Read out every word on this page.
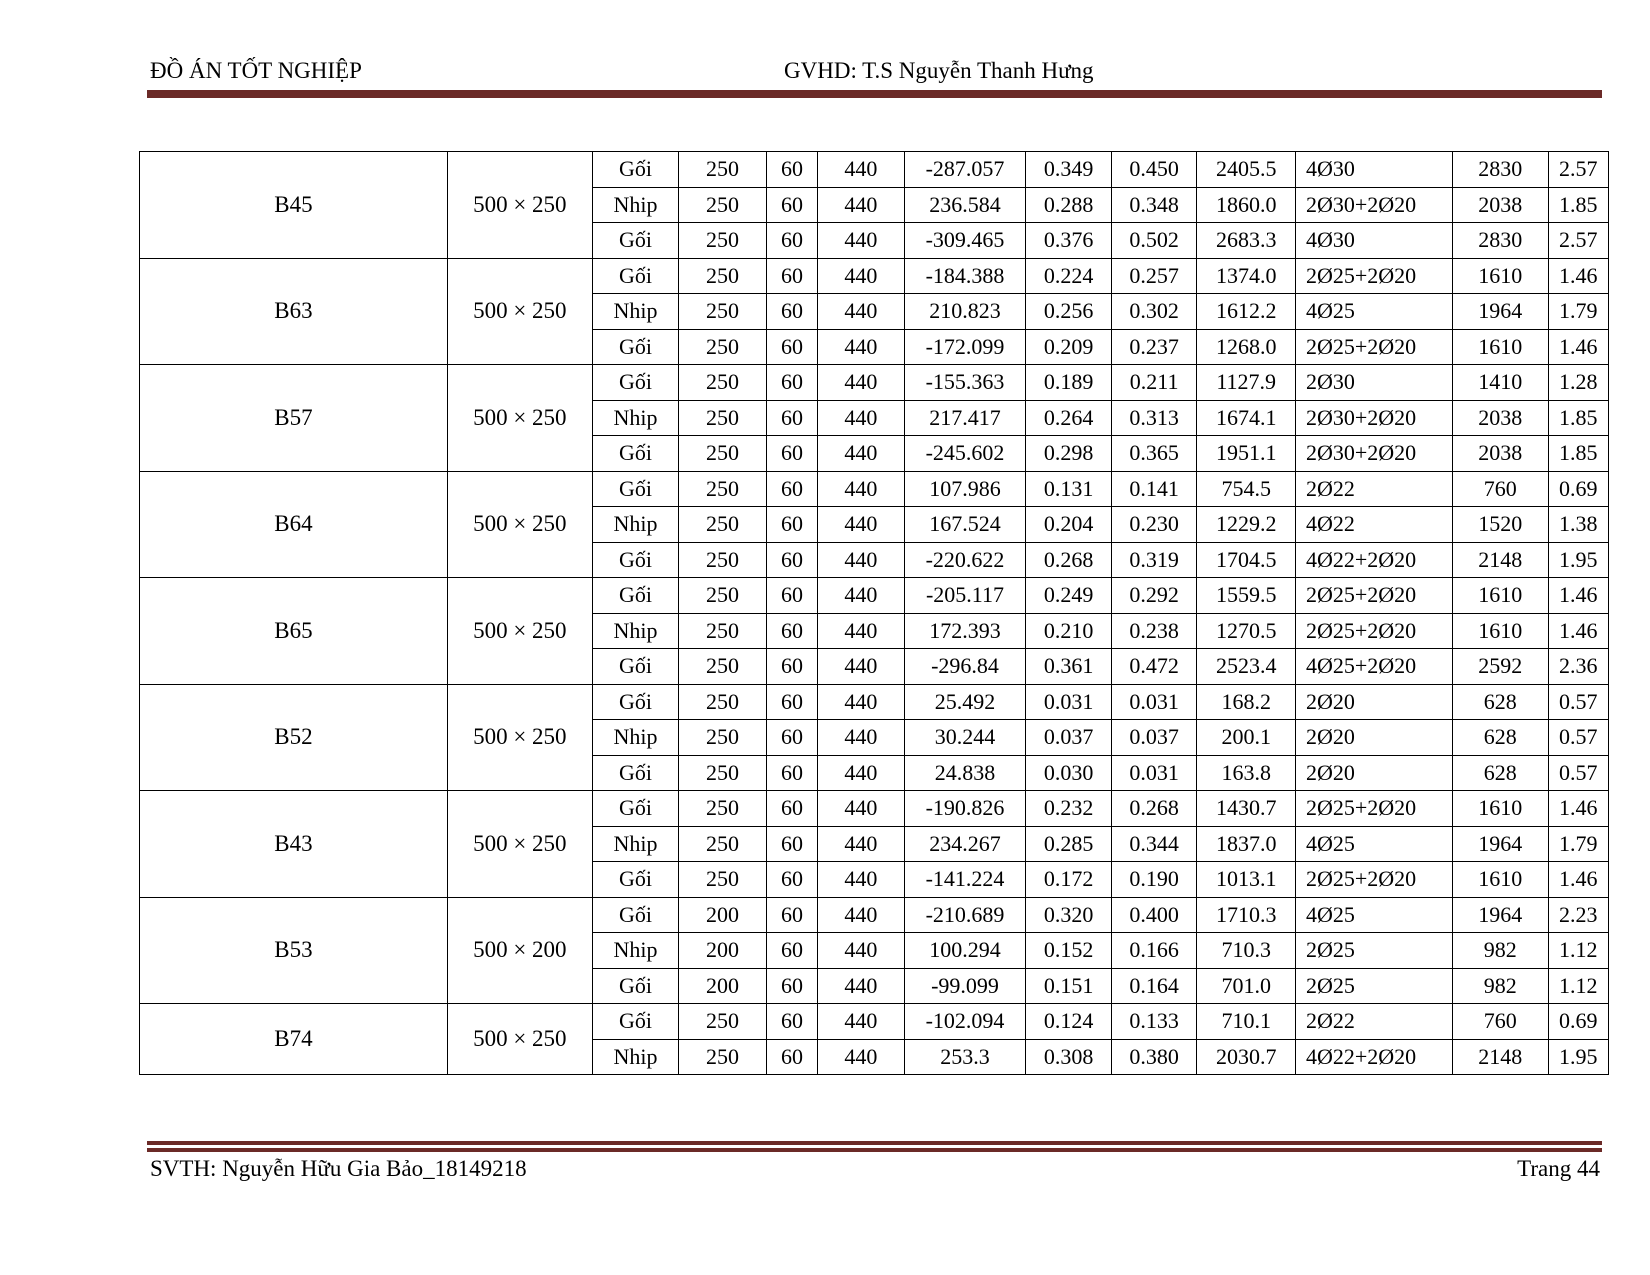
ĐỒ ÁN TỐT NGHIỆP	GVHD: T.S Nguyễn Thanh Hưng
B45	500 × 250	Gối	250	60	440	-287.057	0.349	0.450	2405.5	4Ø30	2830	2.57
		Nhip	250	60	440	236.584	0.288	0.348	1860.0	2Ø30+2Ø20	2038	1.85
		Gối	250	60	440	-309.465	0.376	0.502	2683.3	4Ø30	2830	2.57
B63	500 × 250	Gối	250	60	440	-184.388	0.224	0.257	1374.0	2Ø25+2Ø20	1610	1.46
		Nhip	250	60	440	210.823	0.256	0.302	1612.2	4Ø25	1964	1.79
		Gối	250	60	440	-172.099	0.209	0.237	1268.0	2Ø25+2Ø20	1610	1.46
B57	500 × 250	Gối	250	60	440	-155.363	0.189	0.211	1127.9	2Ø30	1410	1.28
		Nhip	250	60	440	217.417	0.264	0.313	1674.1	2Ø30+2Ø20	2038	1.85
		Gối	250	60	440	-245.602	0.298	0.365	1951.1	2Ø30+2Ø20	2038	1.85
B64	500 × 250	Gối	250	60	440	107.986	0.131	0.141	754.5	2Ø22	760	0.69
		Nhip	250	60	440	167.524	0.204	0.230	1229.2	4Ø22	1520	1.38
		Gối	250	60	440	-220.622	0.268	0.319	1704.5	4Ø22+2Ø20	2148	1.95
B65	500 × 250	Gối	250	60	440	-205.117	0.249	0.292	1559.5	2Ø25+2Ø20	1610	1.46
		Nhip	250	60	440	172.393	0.210	0.238	1270.5	2Ø25+2Ø20	1610	1.46
		Gối	250	60	440	-296.84	0.361	0.472	2523.4	4Ø25+2Ø20	2592	2.36
B52	500 × 250	Gối	250	60	440	25.492	0.031	0.031	168.2	2Ø20	628	0.57
		Nhip	250	60	440	30.244	0.037	0.037	200.1	2Ø20	628	0.57
		Gối	250	60	440	24.838	0.030	0.031	163.8	2Ø20	628	0.57
B43	500 × 250	Gối	250	60	440	-190.826	0.232	0.268	1430.7	2Ø25+2Ø20	1610	1.46
		Nhip	250	60	440	234.267	0.285	0.344	1837.0	4Ø25	1964	1.79
		Gối	250	60	440	-141.224	0.172	0.190	1013.1	2Ø25+2Ø20	1610	1.46
B53	500 × 200	Gối	200	60	440	-210.689	0.320	0.400	1710.3	4Ø25	1964	2.23
		Nhip	200	60	440	100.294	0.152	0.166	710.3	2Ø25	982	1.12
		Gối	200	60	440	-99.099	0.151	0.164	701.0	2Ø25	982	1.12
B74	500 × 250	Gối	250	60	440	-102.094	0.124	0.133	710.1	2Ø22	760	0.69
		Nhip	250	60	440	253.3	0.308	0.380	2030.7	4Ø22+2Ø20	2148	1.95
SVTH: Nguyễn Hữu Gia Bảo_18149218	Trang 44
